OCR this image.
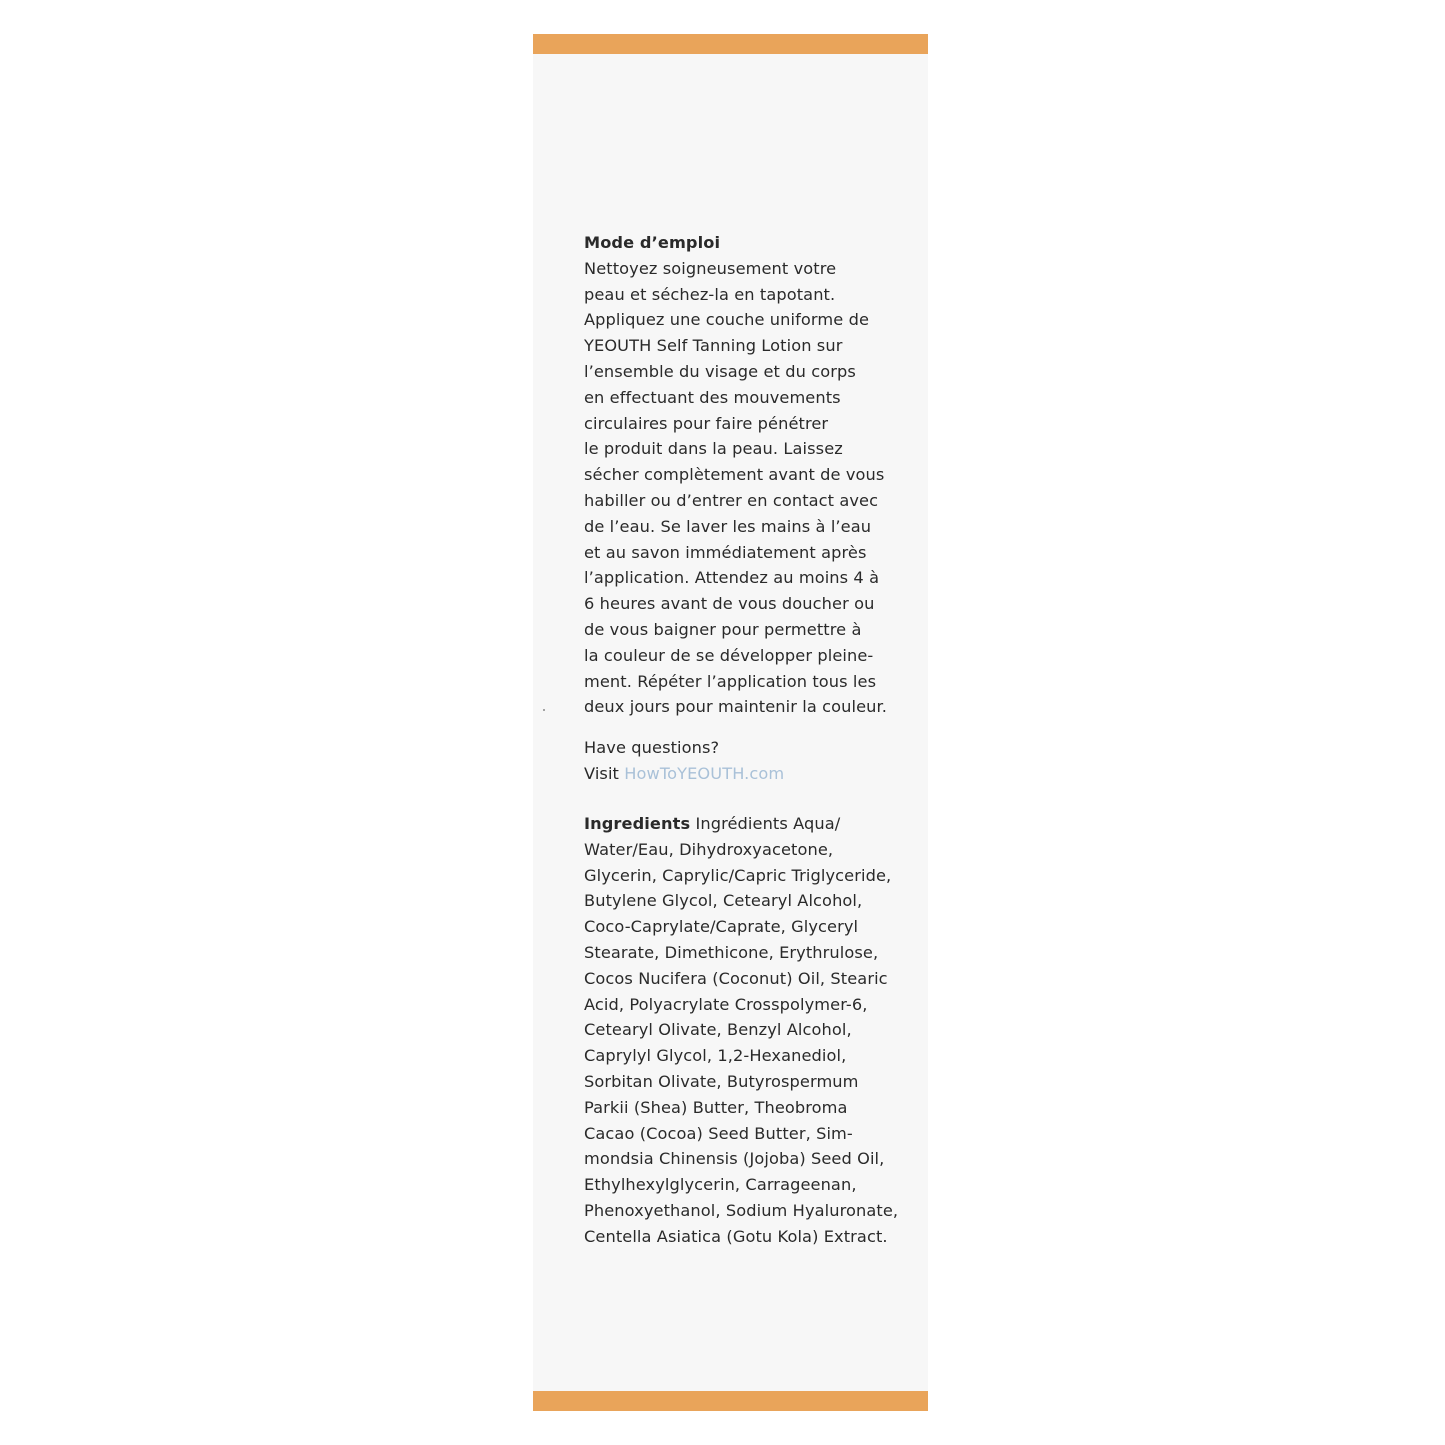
Mode d’emploi
Nettoyez soigneusement votre
peau et séchez-la en tapotant.
Appliquez une couche uniforme de
YEOUTH Self Tanning Lotion sur
l’ensemble du visage et du corps
en effectuant des mouvements
circulaires pour faire pénétrer
le produit dans la peau. Laissez
sécher complètement avant de vous
habiller ou d’entrer en contact avec
de l’eau. Se laver les mains à l’eau
et au savon immédiatement après
l’application. Attendez au moins 4 à
6 heures avant de vous doucher ou
de vous baigner pour permettre à
la couleur de se développer pleine-
ment. Répéter l’application tous les
deux jours pour maintenir la couleur.
Have questions?
Visit HowToYEOUTH.com
Ingredients Ingrédients Aqua/
Water/Eau, Dihydroxyacetone,
Glycerin, Caprylic/Capric Triglyceride,
Butylene Glycol, Cetearyl Alcohol,
Coco-Caprylate/Caprate, Glyceryl
Stearate, Dimethicone, Erythrulose,
Cocos Nucifera (Coconut) Oil, Stearic
Acid, Polyacrylate Crosspolymer-6,
Cetearyl Olivate, Benzyl Alcohol,
Caprylyl Glycol, 1,2-Hexanediol,
Sorbitan Olivate, Butyrospermum
Parkii (Shea) Butter, Theobroma
Cacao (Cocoa) Seed Butter, Sim-
mondsia Chinensis (Jojoba) Seed Oil,
Ethylhexylglycerin, Carrageenan,
Phenoxyethanol, Sodium Hyaluronate,
Centella Asiatica (Gotu Kola) Extract.
